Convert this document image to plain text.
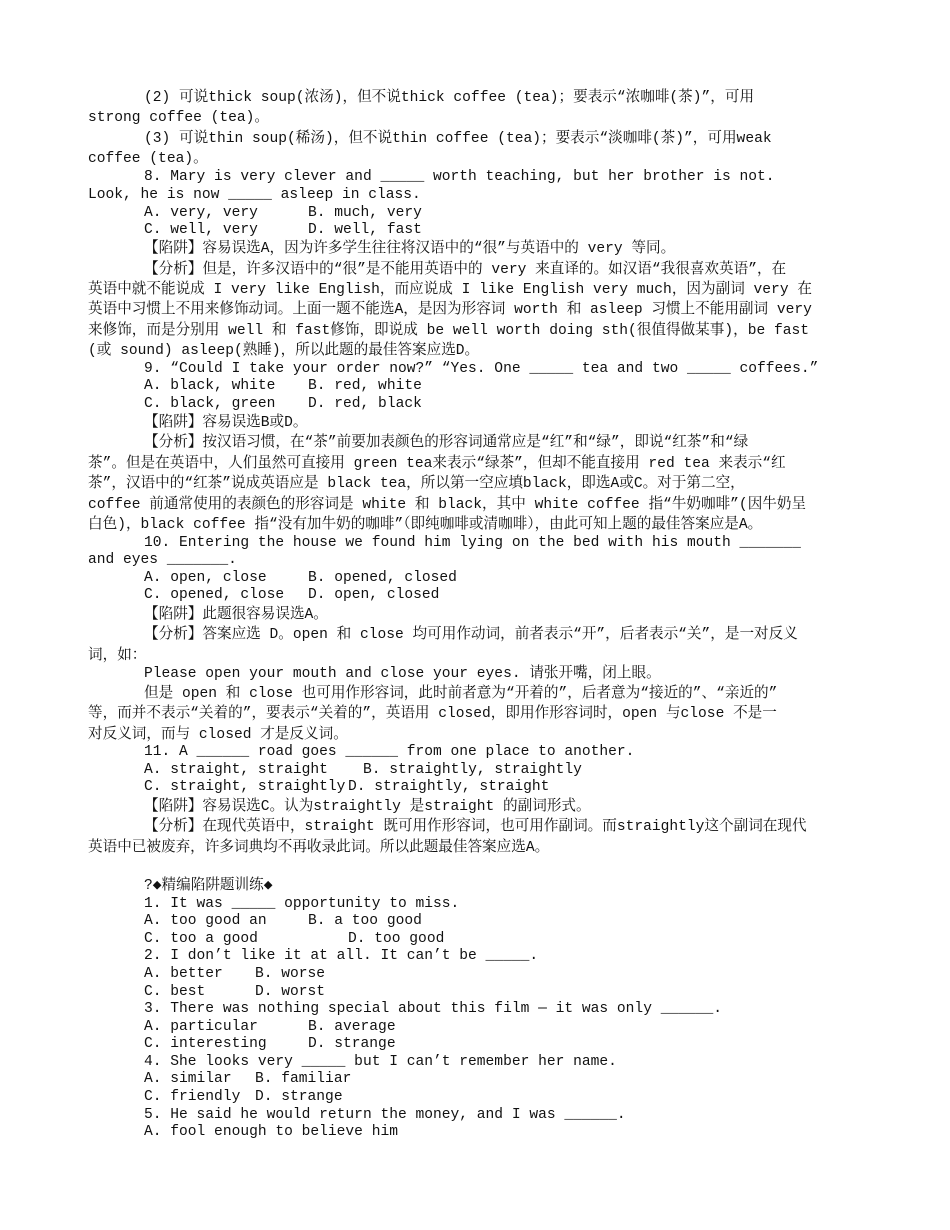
(2) 可说thick soup(浓汤)，但不说thick coffee (tea)；要表示“浓咖啡(茶)”，可用
strong coffee (tea)。
(3) 可说thin soup(稀汤)，但不说thin coffee (tea)；要表示“淡咖啡(茶)”，可用weak
coffee (tea)。
8. Mary is very clever and _____ worth teaching, but her brother is not.
Look, he is now _____ asleep in class.
A. very, very	B. much, very
C. well, very	D. well, fast
【陷阱】容易误选A，因为许多学生往往将汉语中的“很”与英语中的 very 等同。
【分析】但是，许多汉语中的“很”是不能用英语中的 very 来直译的。如汉语“我很喜欢英语”，在
英语中就不能说成 I very like English，而应说成 I like English very much，因为副词 very 在
英语中习惯上不用来修饰动词。上面一题不能选A，是因为形容词 worth 和 asleep 习惯上不能用副词 very
来修饰，而是分别用 well 和 fast修饰，即说成 be well worth doing sth(很值得做某事)，be fast
(或 sound) asleep(熟睡)，所以此题的最佳答案应选D。
9. “Could I take your order now?” “Yes. One _____ tea and two _____ coffees.”
A. black, white B. red, white
C. black, green D. red, black
【陷阱】容易误选B或D。
【分析】按汉语习惯，在“茶”前要加表颜色的形容词通常应是“红”和“绿”，即说“红茶”和“绿
茶”。但是在英语中，人们虽然可直接用 green tea来表示“绿茶”，但却不能直接用 red tea 来表示“红
茶”，汉语中的“红茶”说成英语应是 black tea，所以第一空应填black，即选A或C。对于第二空，
coffee 前通常使用的表颜色的形容词是 white 和 black，其中 white coffee 指“牛奶咖啡”(因牛奶呈
白色)，black coffee 指“没有加牛奶的咖啡”（即纯咖啡或清咖啡），由此可知上题的最佳答案应是A。
10. Entering the house we found him lying on the bed with his mouth _______
and eyes _______.
A. open, close	B. opened, closed
C. opened, close D. open, closed
【陷阱】此题很容易误选A。
【分析】答案应选 D。open 和 close 均可用作动词，前者表示“开”，后者表示“关”，是一对反义
词，如：
Please open your mouth and close your eyes. 请张开嘴，闭上眼。
但是 open 和 close 也可用作形容词，此时前者意为“开着的”，后者意为“接近的”、“亲近的”
等，而并不表示“关着的”，要表示“关着的”，英语用 closed，即用作形容词时，open 与close 不是一
对反义词，而与 closed 才是反义词。
11. A ______ road goes ______ from one place to another.
A. straight, straight B. straightly, straightly
C. straight, straightly D. straightly, straight
【陷阱】容易误选C。认为straightly 是straight 的副词形式。
【分析】在现代英语中，straight 既可用作形容词，也可用作副词。而straightly这个副词在现代
英语中已被废弃，许多词典均不再收录此词。所以此题最佳答案应选A。
?◆精编陷阱题训练◆
1. It was _____ opportunity to miss.
A. too good an	B. a too good
C. too a good	D. too good
2. I don’t like it at all. It can’t be _____.
A. better B. worse
C. best	D. worst
3. There was nothing special about this film — it was only ______.
A. particular	B. average
C. interesting	D. strange
4. She looks very _____ but I can’t remember her name.
A. similar B. familiar
C. friendly D. strange
5. He said he would return the money, and I was ______.
A. fool enough to believe him
